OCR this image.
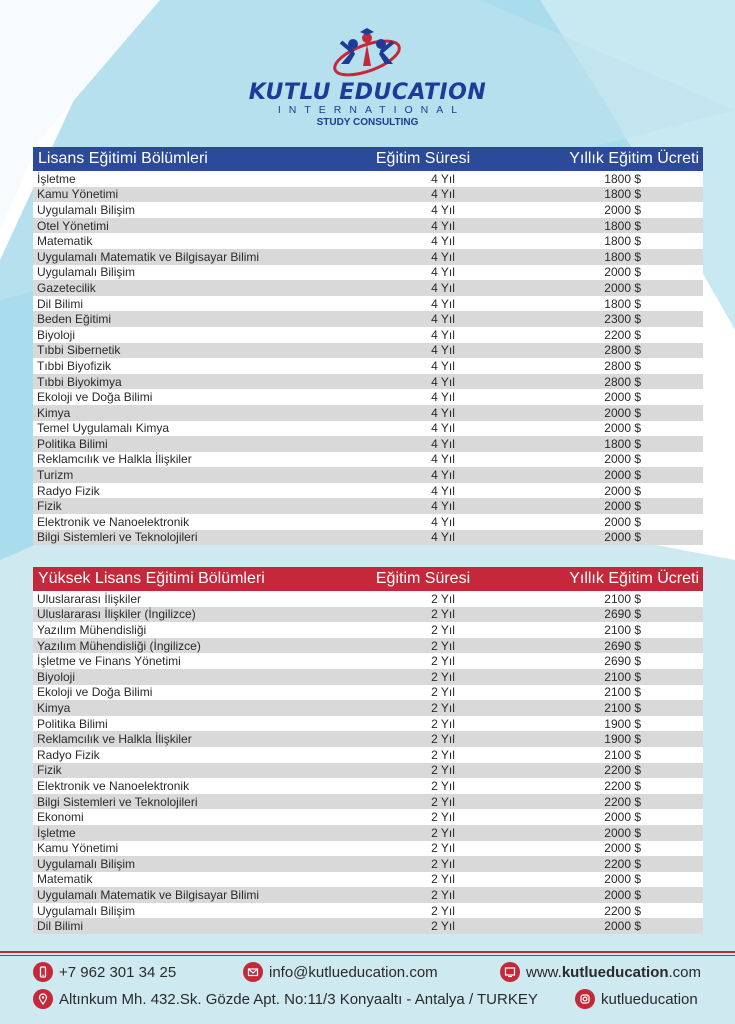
KUTLU EDUCATION
INTERNATIONAL
STUDY CONSULTING
Lisans Eğitimi Bölümleri	Eğitim Süresi	Yıllık Eğitim Ücreti
İşletme	4 Yıl	1800 $
Kamu Yönetimi	4 Yıl	1800 $
Uygulamalı Bilişim	4 Yıl	2000 $
Otel Yönetimi	4 Yıl	1800 $
Matematik	4 Yıl	1800 $
Uygulamalı Matematik ve Bilgisayar Bilimi	4 Yıl	1800 $
Uygulamalı Bilişim	4 Yıl	2000 $
Gazetecilik	4 Yıl	2000 $
Dil Bilimi	4 Yıl	1800 $
Beden Eğitimi	4 Yıl	2300 $
Biyoloji	4 Yıl	2200 $
Tıbbi Sibernetik	4 Yıl	2800 $
Tıbbi Biyofizik	4 Yıl	2800 $
Tıbbi Biyokimya	4 Yıl	2800 $
Ekoloji ve Doğa Bilimi	4 Yıl	2000 $
Kimya	4 Yıl	2000 $
Temel Uygulamalı Kimya	4 Yıl	2000 $
Politika Bilimi	4 Yıl	1800 $
Reklamcılık ve Halkla İlişkiler	4 Yıl	2000 $
Turizm	4 Yıl	2000 $
Radyo Fizik	4 Yıl	2000 $
Fizik	4 Yıl	2000 $
Elektronik ve Nanoelektronik	4 Yıl	2000 $
Bilgi Sistemleri ve Teknolojileri	4 Yıl	2000 $
Yüksek Lisans Eğitimi Bölümleri	Eğitim Süresi	Yıllık Eğitim Ücreti
Uluslararası İlişkiler	2 Yıl	2100 $
Uluslararası İlişkiler (İngilizce)	2 Yıl	2690 $
Yazılım Mühendisliği	2 Yıl	2100 $
Yazılım Mühendisliği (İngilizce)	2 Yıl	2690 $
İşletme ve Finans Yönetimi	2 Yıl	2690 $
Biyoloji	2 Yıl	2100 $
Ekoloji ve Doğa Bilimi	2 Yıl	2100 $
Kimya	2 Yıl	2100 $
Politika Bilimi	2 Yıl	1900 $
Reklamcılık ve Halkla İlişkiler	2 Yıl	1900 $
Radyo Fizik	2 Yıl	2100 $
Fizik	2 Yıl	2200 $
Elektronik ve Nanoelektronik	2 Yıl	2200 $
Bilgi Sistemleri ve Teknolojileri	2 Yıl	2200 $
Ekonomi	2 Yıl	2000 $
İşletme	2 Yıl	2000 $
Kamu Yönetimi	2 Yıl	2000 $
Uygulamalı Bilişim	2 Yıl	2200 $
Matematik	2 Yıl	2000 $
Uygulamalı Matematik ve Bilgisayar Bilimi	2 Yıl	2000 $
Uygulamalı Bilişim	2 Yıl	2200 $
Dil Bilimi	2 Yıl	2000 $
+7 962 301 34 25	info@kutlueducation.com	www. kutlueducation .com
Altınkum Mh. 432.Sk. Gözde Apt. No:11/3 Konyaaltı - Antalya / TURKEY	kutlueducation
